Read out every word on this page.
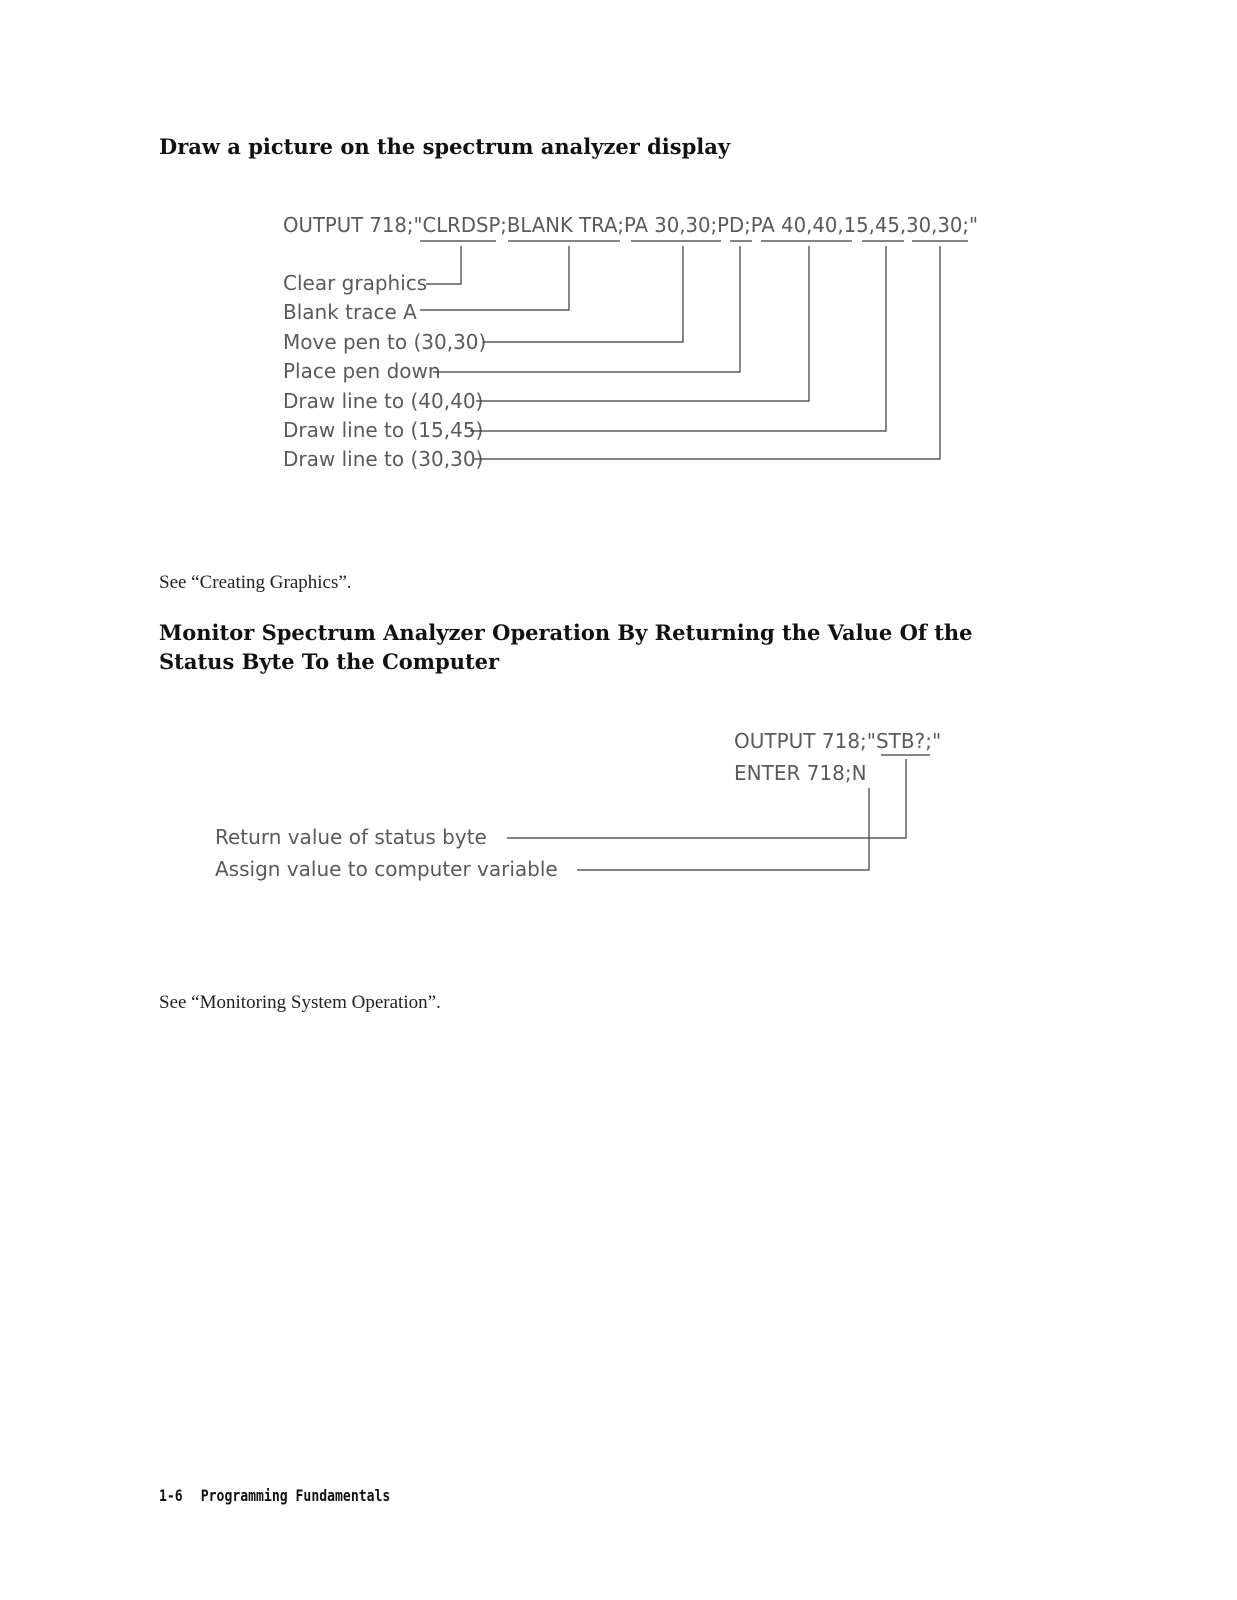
Draw a picture on the spectrum analyzer display
OUTPUT 718;"CLRDSP;BLANK TRA;PA 30,30;PD;PA 40,40,15,45,30,30;"
Clear graphics
Blank trace A
Move pen to (30,30)
Place pen down
Draw line to (40,40)
Draw line to (15,45)
Draw line to (30,30)

See “Creating Graphics”.

Monitor Spectrum Analyzer Operation By Returning the Value Of the Status Byte To the Computer
OUTPUT 718;"STB?;"
ENTER 718;N
Return value of status byte
Assign value to computer variable

See “Monitoring System Operation”.

1-6 Programming Fundamentals
